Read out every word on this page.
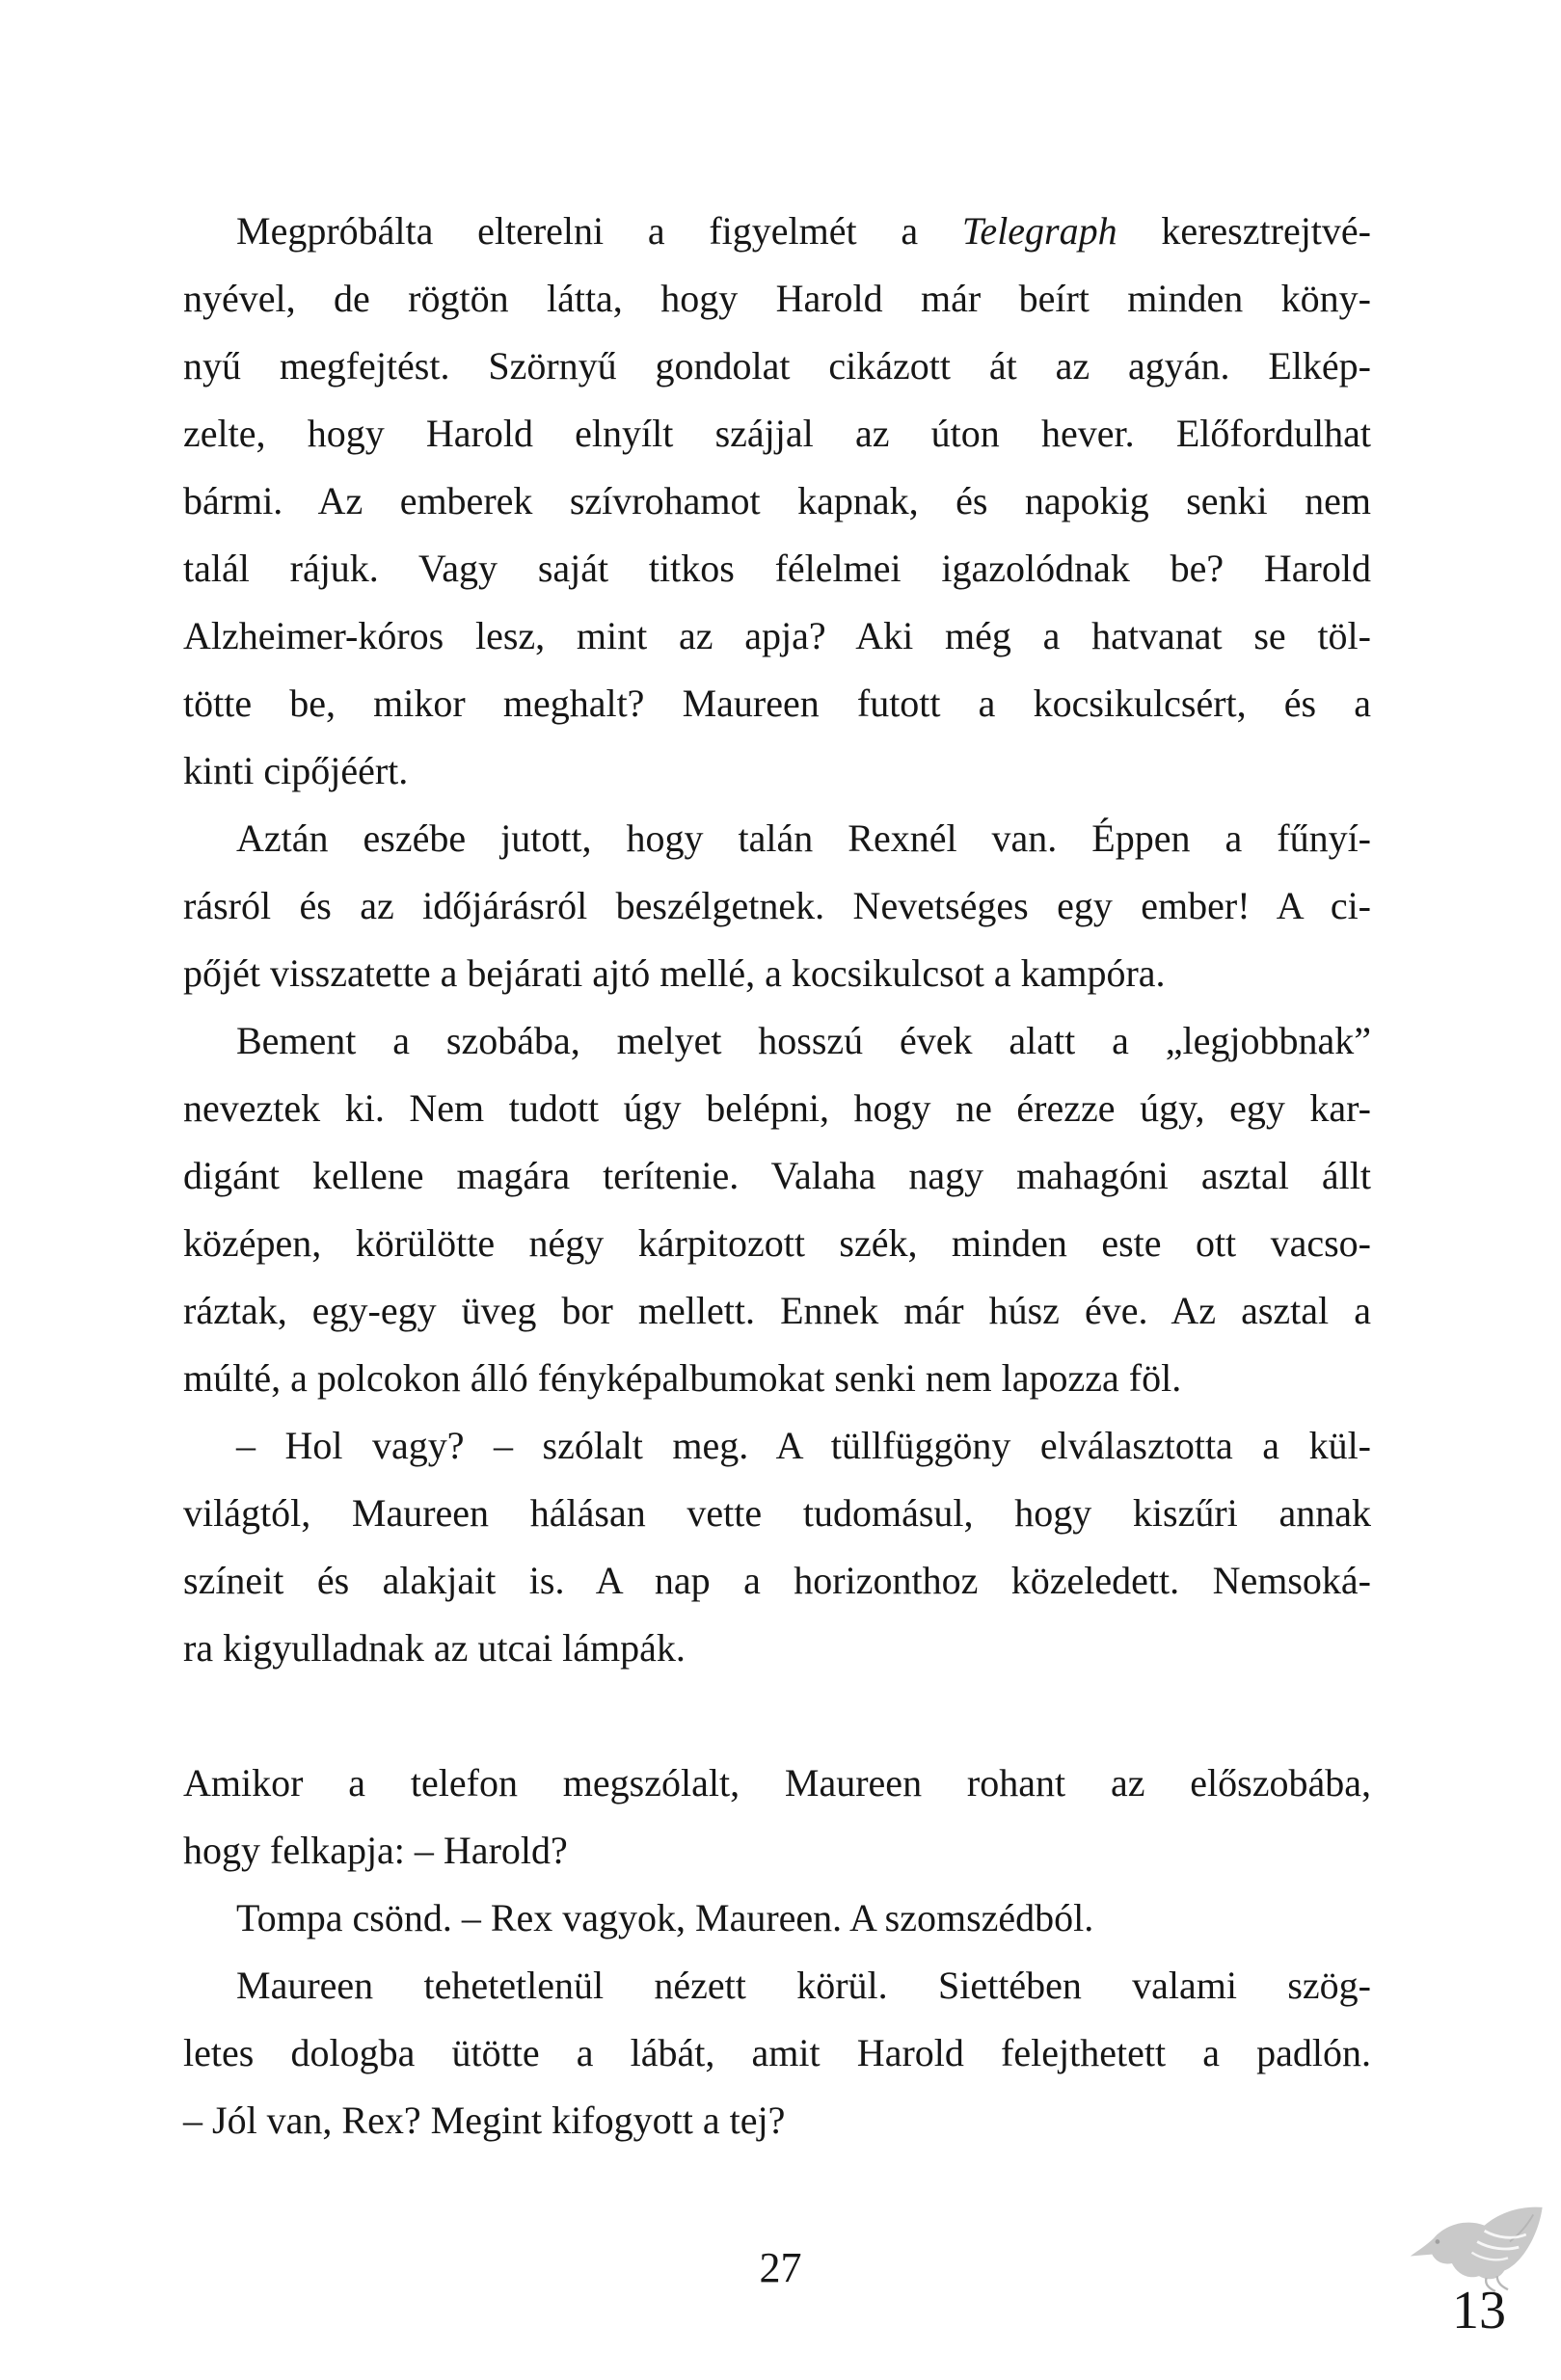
Megpróbálta elterelni a figyelmét a Telegraph keresztrejtvé-
nyével, de rögtön látta, hogy Harold már beírt minden köny-
nyű megfejtést. Szörnyű gondolat cikázott át az agyán. Elkép-
zelte, hogy Harold elnyílt szájjal az úton hever. Előfordulhat
bármi. Az emberek szívrohamot kapnak, és napokig senki nem
talál rájuk. Vagy saját titkos félelmei igazolódnak be? Harold
Alzheimer-kóros lesz, mint az apja? Aki még a hatvanat se töl-
tötte be, mikor meghalt? Maureen futott a kocsikulcsért, és a
kinti cipőjéért.
Aztán eszébe jutott, hogy talán Rexnél van. Éppen a fűnyí-
rásról és az időjárásról beszélgetnek. Nevetséges egy ember! A ci-
pőjét visszatette a bejárati ajtó mellé, a kocsikulcsot a kampóra.
Bement a szobába, melyet hosszú évek alatt a „legjobbnak”
neveztek ki. Nem tudott úgy belépni, hogy ne érezze úgy, egy kar-
digánt kellene magára terítenie. Valaha nagy mahagóni asztal állt
középen, körülötte négy kárpitozott szék, minden este ott vacso-
ráztak, egy-egy üveg bor mellett. Ennek már húsz éve. Az asztal a
múlté, a polcokon álló fényképalbumokat senki nem lapozza föl.
– Hol vagy? – szólalt meg. A tüllfüggöny elválasztotta a kül-
világtól, Maureen hálásan vette tudomásul, hogy kiszűri annak
színeit és alakjait is. A nap a horizonthoz közeledett. Nemsoká-
ra kigyulladnak az utcai lámpák.
Amikor a telefon megszólalt, Maureen rohant az előszobába,
hogy felkapja: – Harold?
Tompa csönd. – Rex vagyok, Maureen. A szomszédból.
Maureen tehetetlenül nézett körül. Siettében valami szög-
letes dologba ütötte a lábát, amit Harold felejthetett a padlón.
– Jól van, Rex? Megint kifogyott a tej?
27
13
